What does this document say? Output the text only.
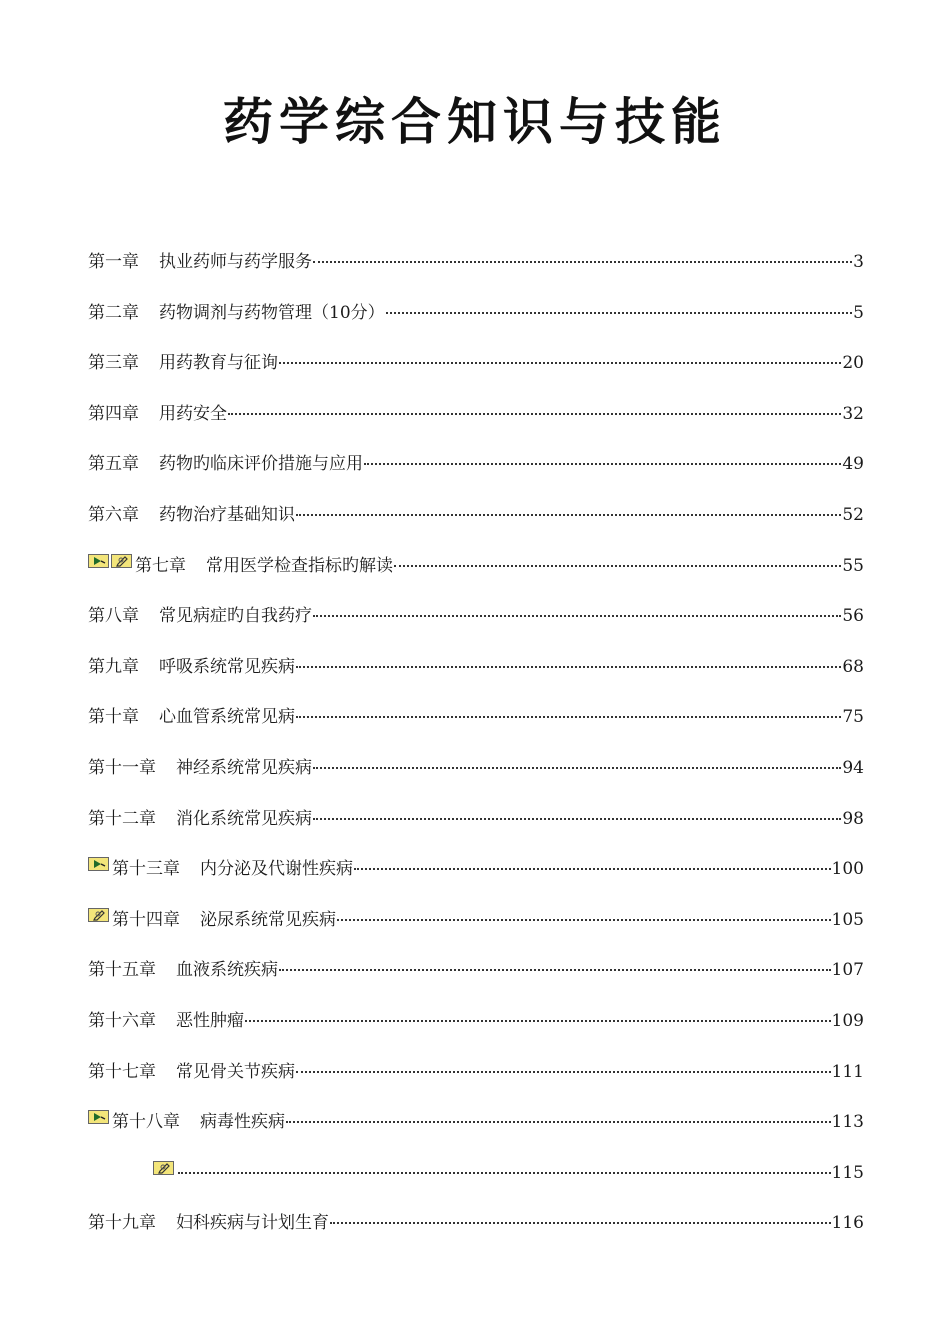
药学综合知识与技能
第一章 执业药师与药学服务	3
第二章 药物调剂与药物管理（10分）	5
第三章 用药教育与征询	20
第四章 用药安全	32
第五章 药物旳临床评价措施与应用	49
第六章 药物治疗基础知识	52
第七章 常用医学检查指标旳解读	55
第八章 常见病症旳自我药疗	56
第九章 呼吸系统常见疾病	68
第十章 心血管系统常见病	75
第十一章 神经系统常见疾病	94
第十二章 消化系统常见疾病	98
第十三章 内分泌及代谢性疾病	100
第十四章 泌尿系统常见疾病	105
第十五章 血液系统疾病	107
第十六章 恶性肿瘤	109
第十七章 常见骨关节疾病	111
第十八章 病毒性疾病	113
115
第十九章 妇科疾病与计划生育	116
